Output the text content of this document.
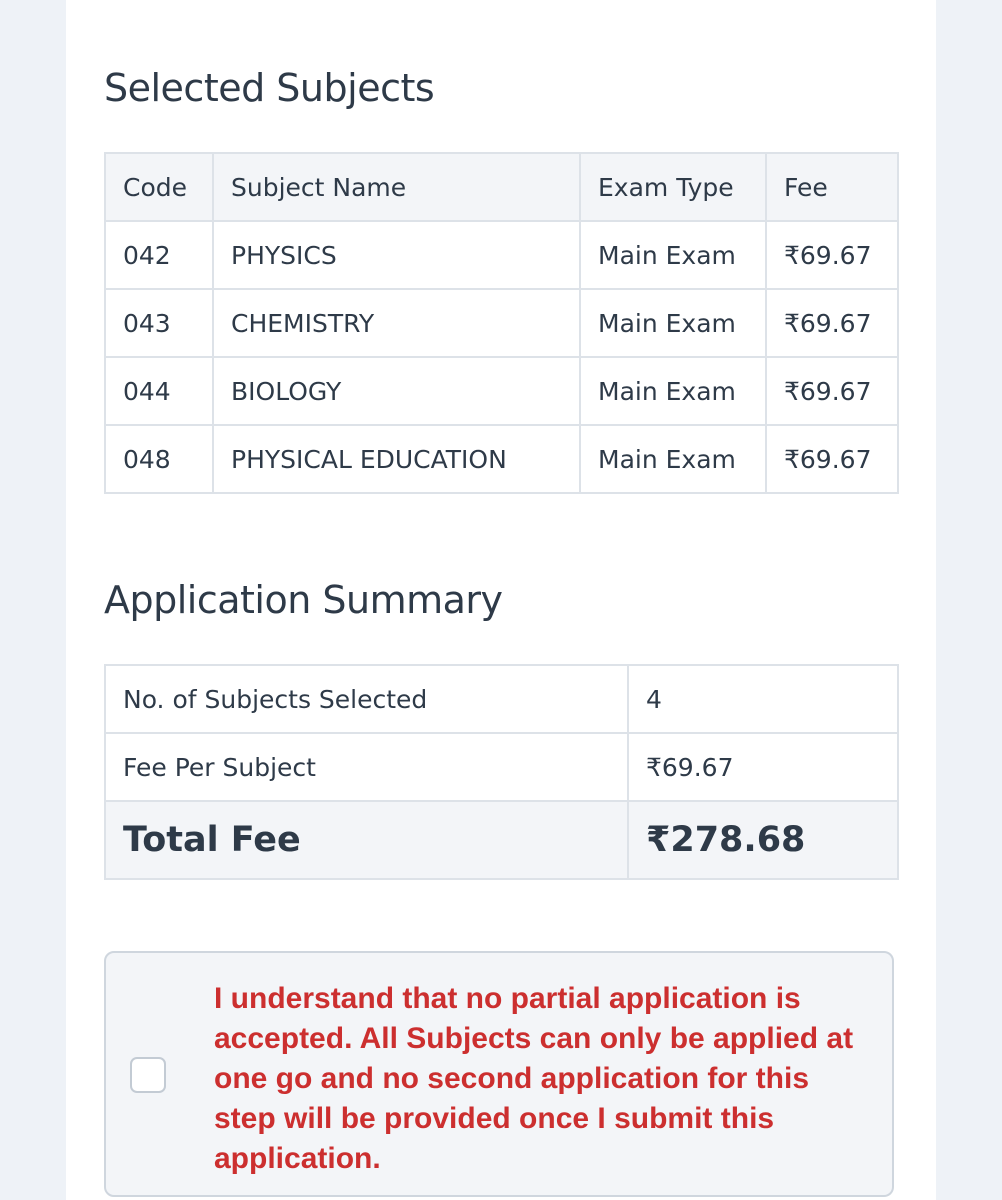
Selected Subjects
Code	Subject Name	Exam Type	Fee
042	PHYSICS	Main Exam	₹69.67
043	CHEMISTRY	Main Exam	₹69.67
044	BIOLOGY	Main Exam	₹69.67
048	PHYSICAL EDUCATION	Main Exam	₹69.67
Application Summary
No. of Subjects Selected	4
Fee Per Subject	₹69.67
Total Fee	₹278.68

I understand that no partial application is accepted. All Subjects can only be applied at one go and no second application for this step will be provided once I submit this application.
